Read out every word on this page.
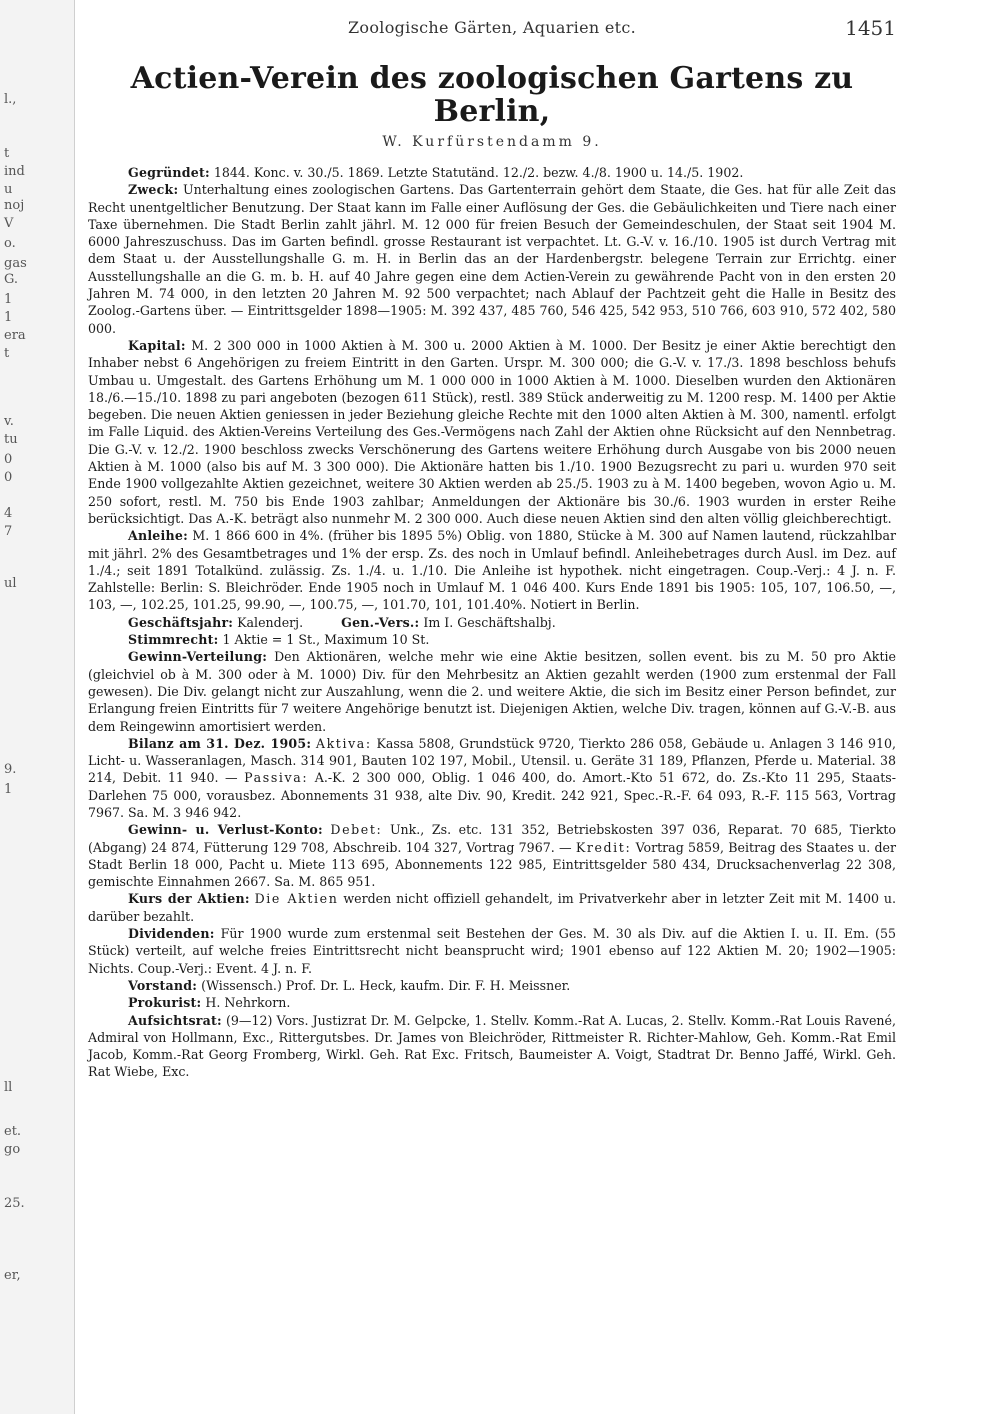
l.,
t
ind
u
noj
V
o.
gas
G.
1
1
era
t
v.
tu
0
0
4
7
ul
9.
1
ll
et.
go
25.
er,
Zoologische Gärten, Aquarien etc.	1451
Actien-Verein des zoologischen Gartens zu Berlin,
W. Kurfürstendamm 9.

Gegründet: 1844. Konc. v. 30./5. 1869. Letzte Statutänd. 12./2. bezw. 4./8. 1900 u. 14./5. 1902.

Zweck: Unterhaltung eines zoologischen Gartens. Das Gartenterrain gehört dem Staate, die Ges. hat für alle Zeit das Recht unentgeltlicher Benutzung. Der Staat kann im Falle einer Auflösung der Ges. die Gebäulichkeiten und Tiere nach einer Taxe übernehmen. Die Stadt Berlin zahlt jährl. M. 12 000 für freien Besuch der Gemeindeschulen, der Staat seit 1904 M. 6000 Jahreszuschuss. Das im Garten befindl. grosse Restaurant ist verpachtet. Lt. G.-V. v. 16./10. 1905 ist durch Vertrag mit dem Staat u. der Ausstellungshalle G. m. H. in Berlin das an der Hardenbergstr. belegene Terrain zur Errichtg. einer Ausstellungshalle an die G. m. b. H. auf 40 Jahre gegen eine dem Actien-Verein zu gewährende Pacht von in den ersten 20 Jahren M. 74 000, in den letzten 20 Jahren M. 92 500 verpachtet; nach Ablauf der Pachtzeit geht die Halle in Besitz des Zoolog.-Gartens über. — Eintrittsgelder 1898—1905: M. 392 437, 485 760, 546 425, 542 953, 510 766, 603 910, 572 402, 580 000.

Kapital: M. 2 300 000 in 1000 Aktien à M. 300 u. 2000 Aktien à M. 1000. Der Besitz je einer Aktie berechtigt den Inhaber nebst 6 Angehörigen zu freiem Eintritt in den Garten. Urspr. M. 300 000; die G.-V. v. 17./3. 1898 beschloss behufs Umbau u. Umgestalt. des Gartens Erhöhung um M. 1 000 000 in 1000 Aktien à M. 1000. Dieselben wurden den Aktionären 18./6.—15./10. 1898 zu pari angeboten (bezogen 611 Stück), restl. 389 Stück anderweitig zu M. 1200 resp. M. 1400 per Aktie begeben. Die neuen Aktien geniessen in jeder Beziehung gleiche Rechte mit den 1000 alten Aktien à M. 300, namentl. erfolgt im Falle Liquid. des Aktien-Vereins Verteilung des Ges.-Vermögens nach Zahl der Aktien ohne Rücksicht auf den Nennbetrag. Die G.-V. v. 12./2. 1900 beschloss zwecks Verschönerung des Gartens weitere Erhöhung durch Ausgabe von bis 2000 neuen Aktien à M. 1000 (also bis auf M. 3 300 000). Die Aktionäre hatten bis 1./10. 1900 Bezugsrecht zu pari u. wurden 970 seit Ende 1900 vollgezahlte Aktien gezeichnet, weitere 30 Aktien werden ab 25./5. 1903 zu à M. 1400 begeben, wovon Agio u. M. 250 sofort, restl. M. 750 bis Ende 1903 zahlbar; Anmeldungen der Aktionäre bis 30./6. 1903 wurden in erster Reihe berücksichtigt. Das A.-K. beträgt also nunmehr M. 2 300 000. Auch diese neuen Aktien sind den alten völlig gleichberechtigt.

Anleihe: M. 1 866 600 in 4%. (früher bis 1895 5%) Oblig. von 1880, Stücke à M. 300 auf Namen lautend, rückzahlbar mit jährl. 2% des Gesamtbetrages und 1% der ersp. Zs. des noch in Umlauf befindl. Anleihebetrages durch Ausl. im Dez. auf 1./4.; seit 1891 Totalkünd. zulässig. Zs. 1./4. u. 1./10. Die Anleihe ist hypothek. nicht eingetragen. Coup.-Verj.: 4 J. n. F. Zahlstelle: Berlin: S. Bleichröder. Ende 1905 noch in Umlauf M. 1 046 400. Kurs Ende 1891 bis 1905: 105, 107, 106.50, —, 103, —, 102.25, 101.25, 99.90, —, 100.75, —, 101.70, 101, 101.40%. Notiert in Berlin.

Geschäftsjahr: Kalenderj.	Gen.-Vers.: Im I. Geschäftshalbj.

Stimmrecht: 1 Aktie = 1 St., Maximum 10 St.

Gewinn-Verteilung: Den Aktionären, welche mehr wie eine Aktie besitzen, sollen event. bis zu M. 50 pro Aktie (gleichviel ob à M. 300 oder à M. 1000) Div. für den Mehrbesitz an Aktien gezahlt werden (1900 zum erstenmal der Fall gewesen). Die Div. gelangt nicht zur Auszahlung, wenn die 2. und weitere Aktie, die sich im Besitz einer Person befindet, zur Erlangung freien Eintritts für 7 weitere Angehörige benutzt ist. Diejenigen Aktien, welche Div. tragen, können auf G.-V.-B. aus dem Reingewinn amortisiert werden.

Bilanz am 31. Dez. 1905: Aktiva: Kassa 5808, Grundstück 9720, Tierkto 286 058, Gebäude u. Anlagen 3 146 910, Licht- u. Wasseranlagen, Masch. 314 901, Bauten 102 197, Mobil., Utensil. u. Geräte 31 189, Pflanzen, Pferde u. Material. 38 214, Debit. 11 940. — Passiva: A.-K. 2 300 000, Oblig. 1 046 400, do. Amort.-Kto 51 672, do. Zs.-Kto 11 295, Staats-Darlehen 75 000, vorausbez. Abonnements 31 938, alte Div. 90, Kredit. 242 921, Spec.-R.-F. 64 093, R.-F. 115 563, Vortrag 7967. Sa. M. 3 946 942.

Gewinn- u. Verlust-Konto: Debet: Unk., Zs. etc. 131 352, Betriebskosten 397 036, Reparat. 70 685, Tierkto (Abgang) 24 874, Fütterung 129 708, Abschreib. 104 327, Vortrag 7967. — Kredit: Vortrag 5859, Beitrag des Staates u. der Stadt Berlin 18 000, Pacht u. Miete 113 695, Abonnements 122 985, Eintrittsgelder 580 434, Drucksachenverlag 22 308, gemischte Einnahmen 2667. Sa. M. 865 951.

Kurs der Aktien: Die Aktien werden nicht offiziell gehandelt, im Privatverkehr aber in letzter Zeit mit M. 1400 u. darüber bezahlt.

Dividenden: Für 1900 wurde zum erstenmal seit Bestehen der Ges. M. 30 als Div. auf die Aktien I. u. II. Em. (55 Stück) verteilt, auf welche freies Eintrittsrecht nicht beansprucht wird; 1901 ebenso auf 122 Aktien M. 20; 1902—1905: Nichts. Coup.-Verj.: Event. 4 J. n. F.

Vorstand: (Wissensch.) Prof. Dr. L. Heck, kaufm. Dir. F. H. Meissner.

Prokurist: H. Nehrkorn.

Aufsichtsrat: (9—12) Vors. Justizrat Dr. M. Gelpcke, 1. Stellv. Komm.-Rat A. Lucas, 2. Stellv. Komm.-Rat Louis Ravené, Admiral von Hollmann, Exc., Rittergutsbes. Dr. James von Bleichröder, Rittmeister R. Richter-Mahlow, Geh. Komm.-Rat Emil Jacob, Komm.-Rat Georg Fromberg, Wirkl. Geh. Rat Exc. Fritsch, Baumeister A. Voigt, Stadtrat Dr. Benno Jaffé, Wirkl. Geh. Rat Wiebe, Exc.
